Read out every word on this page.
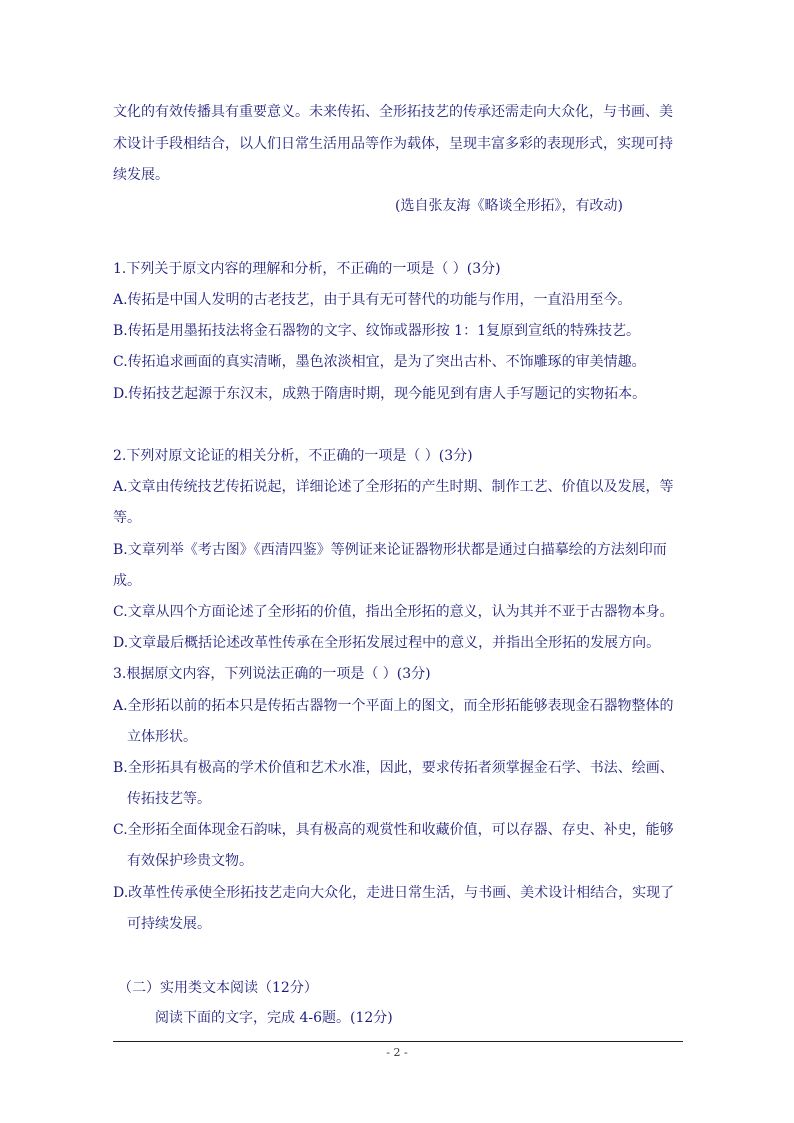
文化的有效传播具有重要意义。未来传拓、全形拓技艺的传承还需走向大众化，与书画、美
术设计手段相结合，以人们日常生活用品等作为载体，呈现丰富多彩的表现形式，实现可持
续发展。
(选自张友海《略谈全形拓》，有改动)
1.下列关于原文内容的理解和分析，不正确的一项是（ ）(3分)
A.传拓是中国人发明的古老技艺，由于具有无可替代的功能与作用，一直沿用至今。
B.传拓是用墨拓技法将金石器物的文字、纹饰或器形按 1：1复原到宣纸的特殊技艺。
C.传拓追求画面的真实清晰，墨色浓淡相宜，是为了突出古朴、不饰雕琢的审美情趣。
D.传拓技艺起源于东汉末，成熟于隋唐时期，现今能见到有唐人手写题记的实物拓本。
2.下列对原文论证的相关分析，不正确的一项是（ ）(3分)
A.文章由传统技艺传拓说起，详细论述了全形拓的产生时期、制作工艺、价值以及发展，等
等。
B.文章列举《考古图》《西清四鉴》等例证来论证器物形状都是通过白描摹绘的方法刻印而
成。
C.文章从四个方面论述了全形拓的价值，指出全形拓的意义，认为其并不亚于古器物本身。
D.文章最后概括论述改革性传承在全形拓发展过程中的意义，并指出全形拓的发展方向。
3.根据原文内容，下列说法正确的一项是（ ）(3分)
A.全形拓以前的拓本只是传拓古器物一个平面上的图文，而全形拓能够表现金石器物整体的
立体形状。
B.全形拓具有极高的学术价值和艺术水准，因此，要求传拓者须掌握金石学、书法、绘画、
传拓技艺等。
C.全形拓全面体现金石韵味，具有极高的观赏性和收藏价值，可以存器、存史、补史，能够
有效保护珍贵文物。
D.改革性传承使全形拓技艺走向大众化，走进日常生活，与书画、美术设计相结合，实现了
可持续发展。
（二）实用类文本阅读（12分）
阅读下面的文字，完成 4-6题。(12分)
- 2 -
